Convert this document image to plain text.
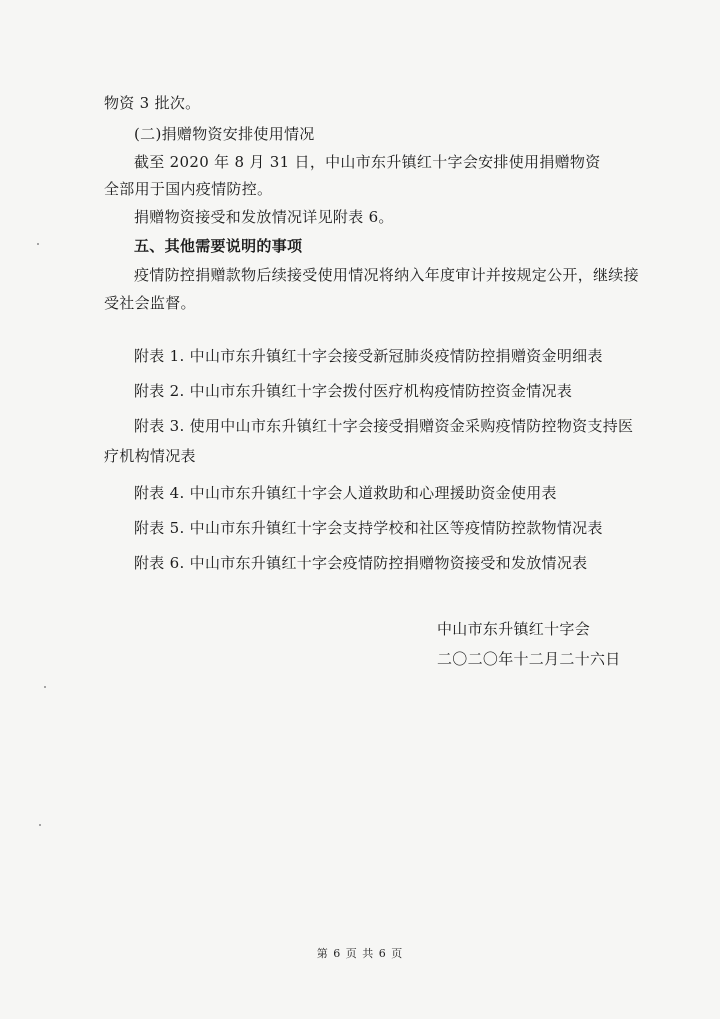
物资 3 批次。
(二)捐赠物资安排使用情况
截至 2020 年 8 月 31 日，中山市东升镇红十字会安排使用捐赠物资
全部用于国内疫情防控。
捐赠物资接受和发放情况详见附表 6。
五、其他需要说明的事项
疫情防控捐赠款物后续接受使用情况将纳入年度审计并按规定公开，继续接
受社会监督。
附表 1. 中山市东升镇红十字会接受新冠肺炎疫情防控捐赠资金明细表
附表 2. 中山市东升镇红十字会拨付医疗机构疫情防控资金情况表
附表 3. 使用中山市东升镇红十字会接受捐赠资金采购疫情防控物资支持医
疗机构情况表
附表 4. 中山市东升镇红十字会人道救助和心理援助资金使用表
附表 5. 中山市东升镇红十字会支持学校和社区等疫情防控款物情况表
附表 6. 中山市东升镇红十字会疫情防控捐赠物资接受和发放情况表
中山市东升镇红十字会
二〇二〇年十二月二十六日
第 6 页 共 6 页
